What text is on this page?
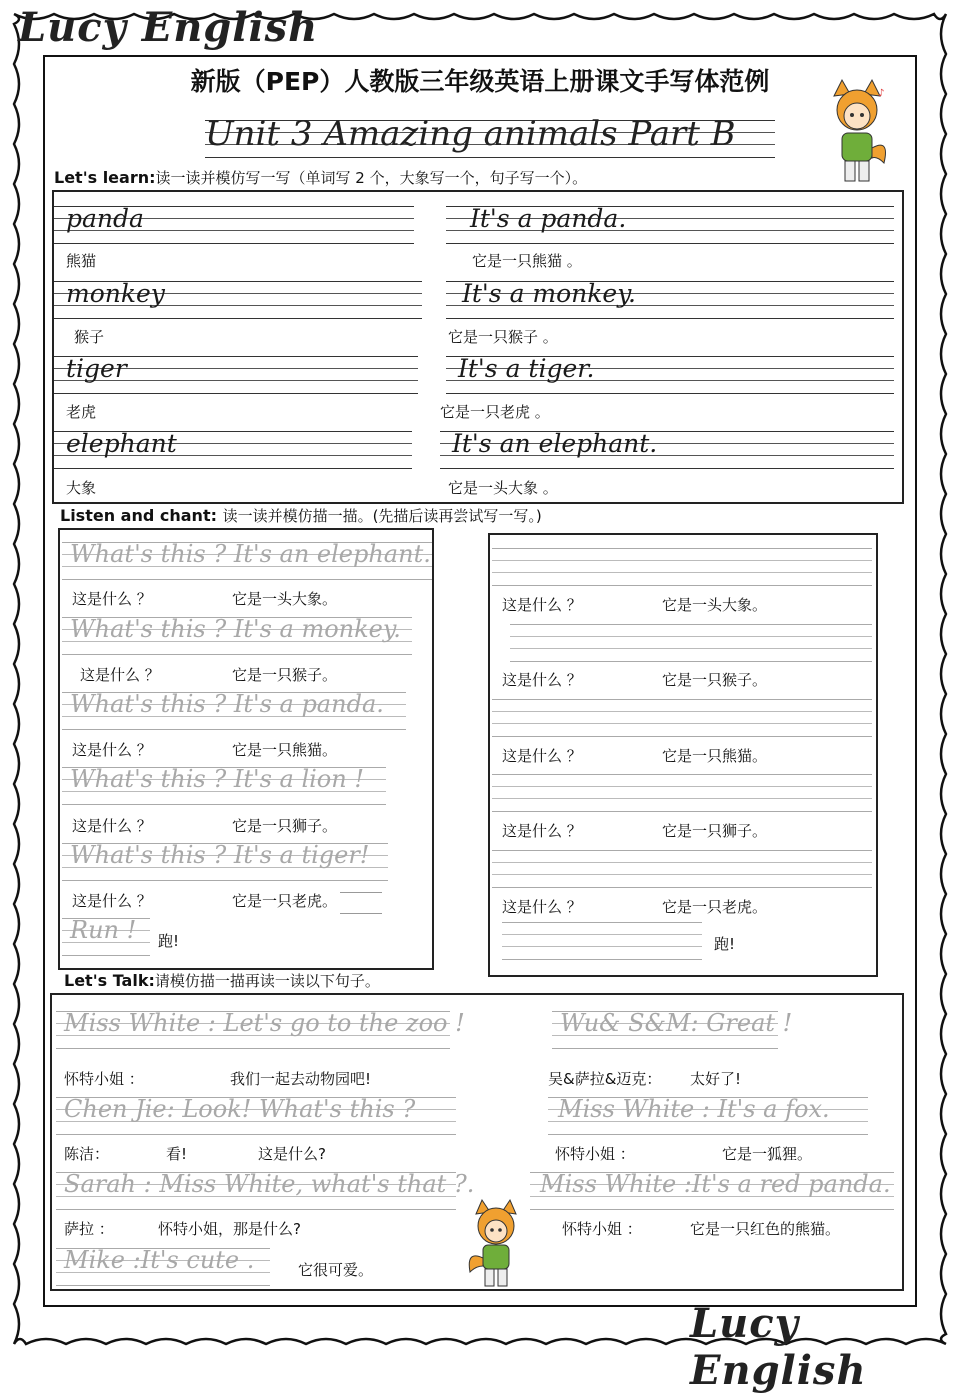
Lucy English
Lucy English
新版（PEP）人教版三年级英语上册课文手写体范例
Unit 3 Amazing animals Part B
♪
Let's learn:读一读并模仿写一写（单词写 2 个，大象写一个，句子写一个）。
panda
熊猫
It's a panda.
它是一只熊猫 。
monkey
猴子
It's a monkey.
它是一只猴子 。
tiger
老虎
It's a tiger.
它是一只老虎 。
elephant
大象
It's an elephant.
它是一头大象 。
Listen and chant: 读一读并模仿描一描。(先描后读再尝试写一写。)
What's this ? It's an elephant.
这是什么 ？	它是一头大象。
What's this ? It's a monkey.
这是什么 ？	它是一只猴子。
What's this ? It's a panda.
这是什么 ？	它是一只熊猫。
What's this ? It's a lion !
这是什么 ？	它是一只狮子。
What's this ? It's a tiger!
这是什么 ？	它是一只老虎。
Run ! 跑!
这是什么 ？	它是一头大象。
这是什么 ？	它是一只猴子。
这是什么 ？	它是一只熊猫。
这是什么 ？	它是一只狮子。
这是什么 ？	它是一只老虎。
跑!
Let's Talk:请模仿描一描再读一读以下句子。
Miss White : Let's go to the zoo !
怀特小姐 ：	我们一起去动物园吧!
Chen Jie: Look! What's this ?
陈洁：	看!	这是什么?
Sarah : Miss White, what's that ?.
萨拉 ：	怀特小姐，那是什么?
Mike :It's cute .	它很可爱。
Wu& S&M: Great !
吴&萨拉&迈克： 太好了!
Miss White : It's a fox.
怀特小姐 ：	它是一狐狸。
Miss White :It's a red panda.
怀特小姐 ：	它是一只红色的熊猫。
